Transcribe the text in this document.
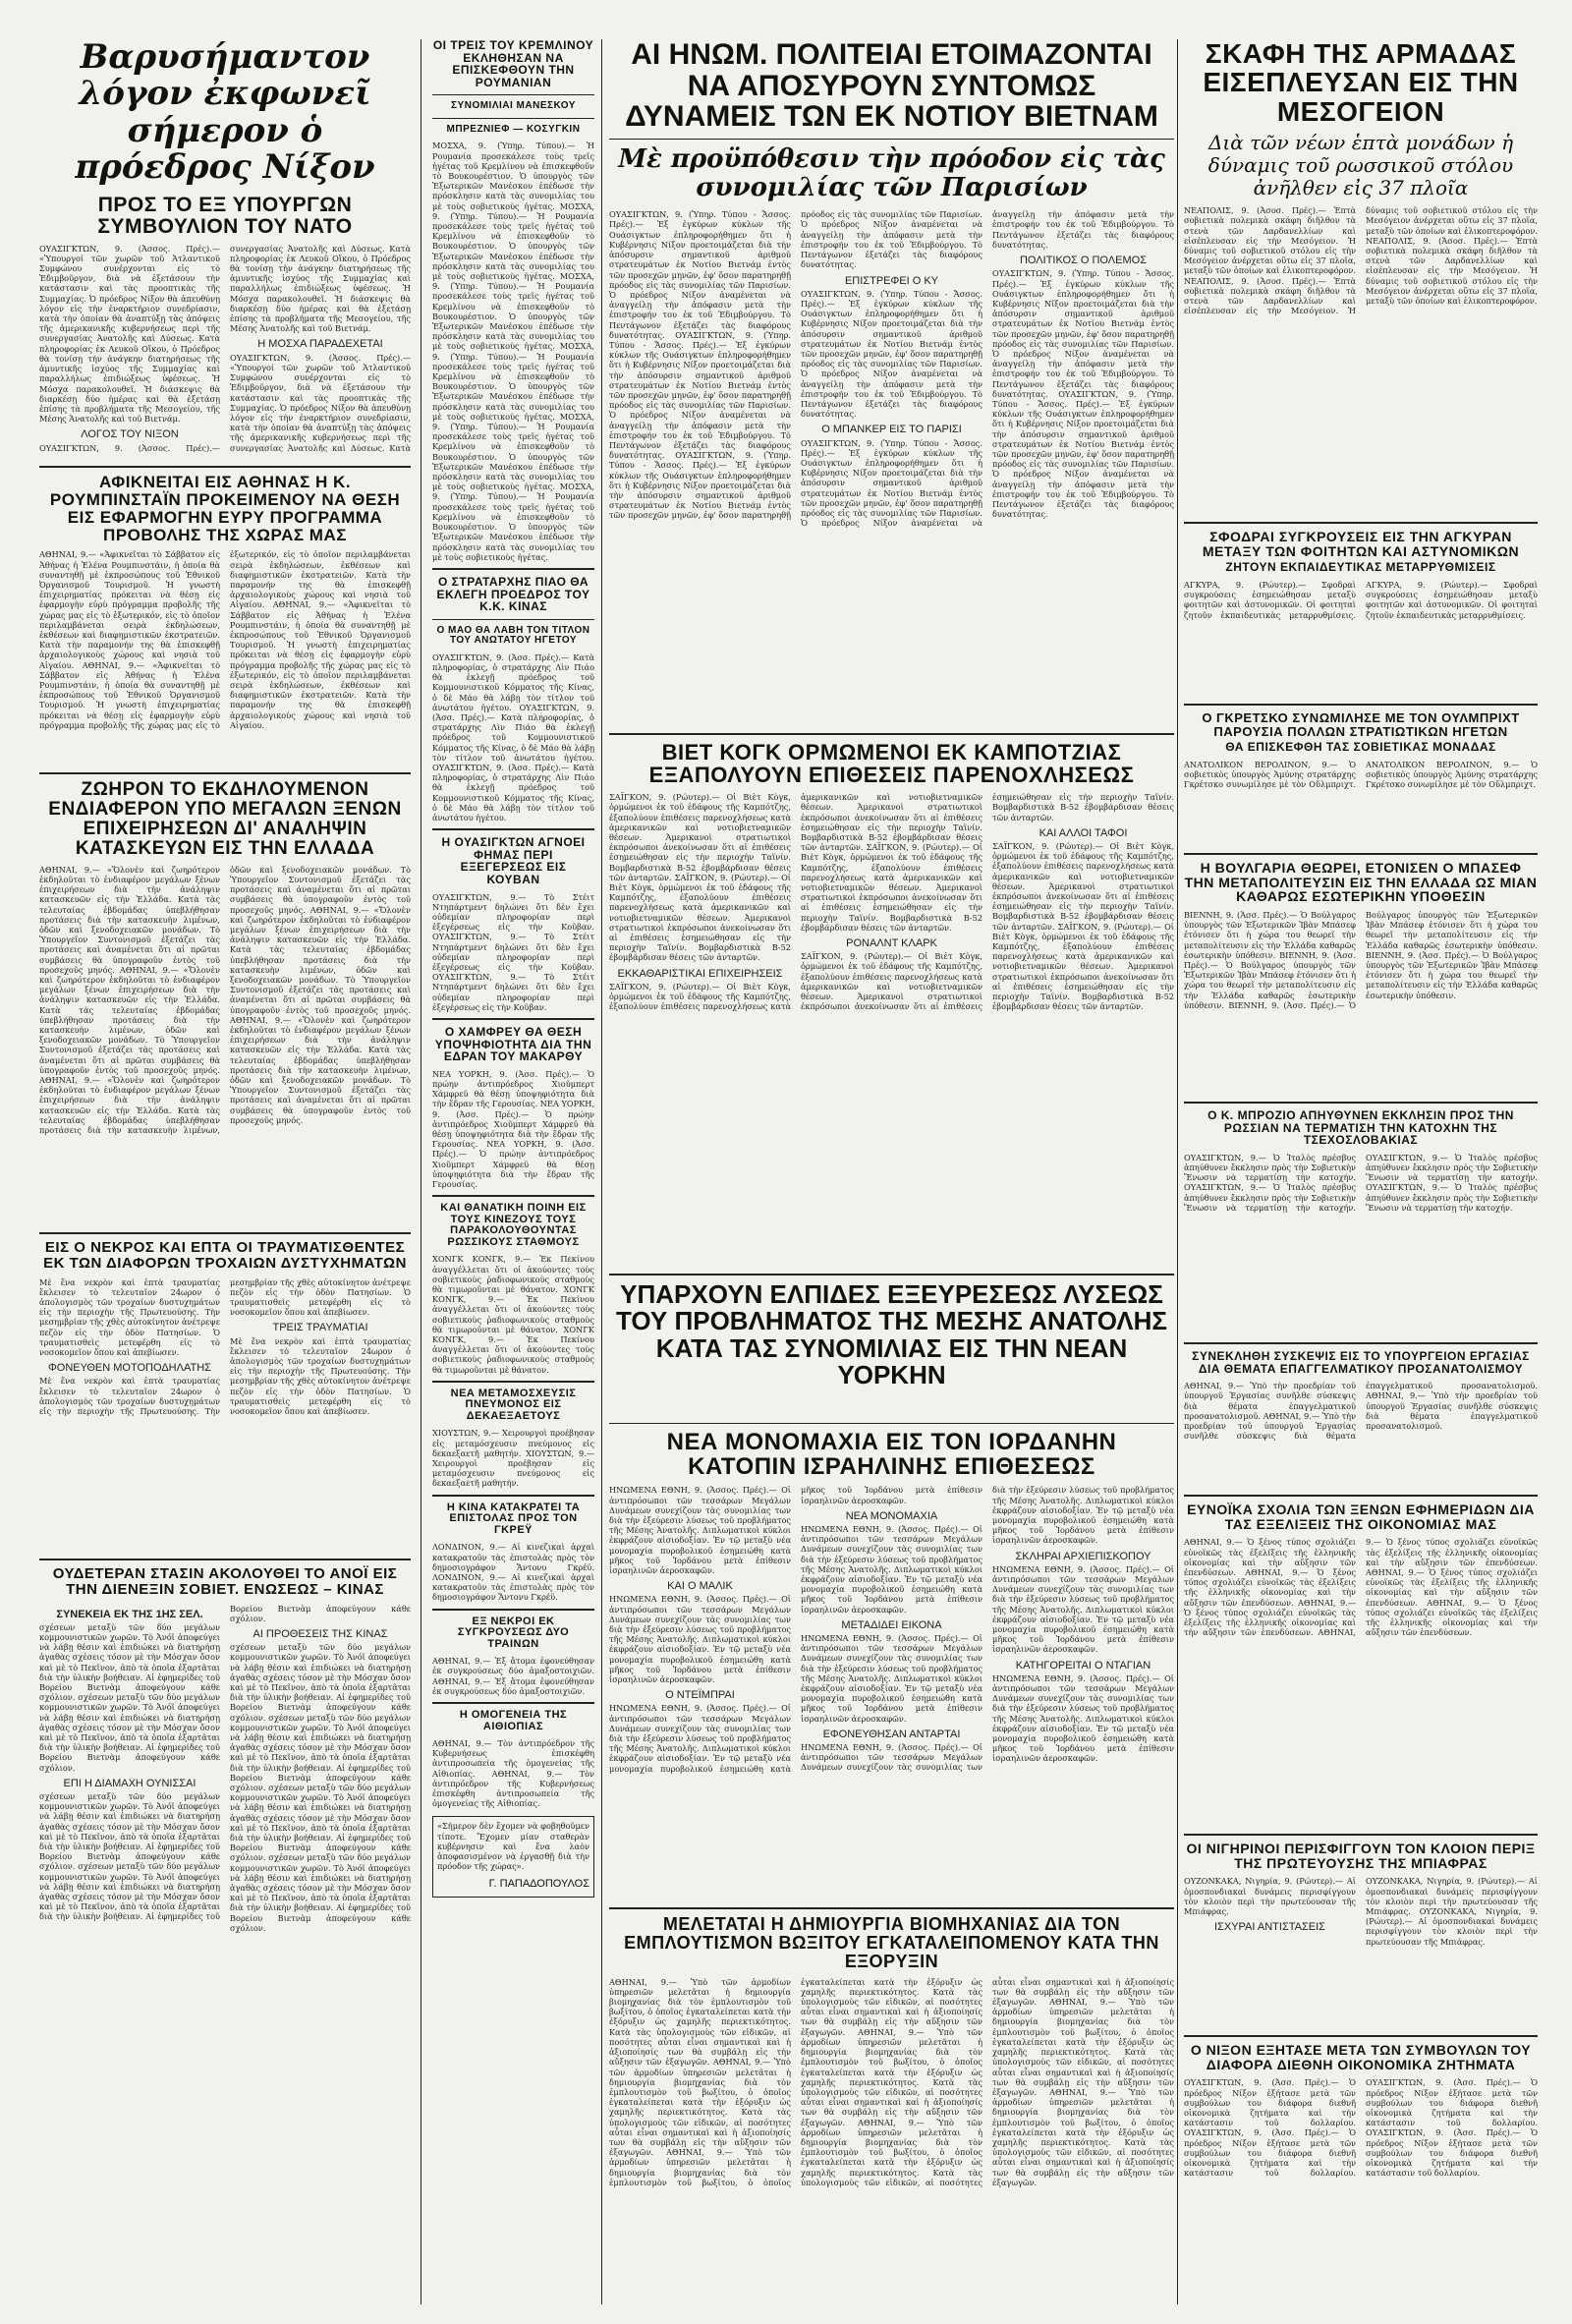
Βαρυσήμαντον λόγον ἐκφωνεῖ σήμερον ὁ πρόεδρος Νίξον
ΠΡΟΣ ΤΟ ΕΞ ΥΠΟΥΡΓΩΝ ΣΥΜΒΟΥΛΙΟΝ ΤΟΥ ΝΑΤΟ
ΟΥΑΣΙΓΚΤΩΝ, 9. (Ἀσσος. Πρές).— «Ὑπουργοί τῶν χωρῶν τοῦ Ἀτλαντικοῦ Συμφώνου συνέρχονται εἰς τὸ Ἐδιμβοῦργον, διὰ νὰ ἐξετάσουν τὴν κατάστασιν καὶ τὰς προοπτικὰς τῆς Συμμαχίας. Ὁ πρόεδρος Νίξον θὰ ἀπευθύνῃ λόγον εἰς τὴν ἐναρκτήριον συνεδρίασιν, κατὰ τὴν ὁποίαν θὰ ἀναπτύξῃ τὰς ἀπόψεις τῆς ἀμερικανικῆς κυβερνήσεως περὶ τῆς συνεργασίας Ἀνατολῆς καὶ Δύσεως. Κατὰ πληροφορίας ἐκ Λευκοῦ Οἴκου, ὁ Πρόεδρος θὰ τονίσῃ τὴν ἀνάγκην διατηρήσεως τῆς ἀμυντικῆς ἰσχύος τῆς Συμμαχίας καὶ παραλλήλως ἐπιδιώξεως ὑφέσεως. Ἡ Μόσχα παρακολουθεῖ. Ἡ διάσκεψις θὰ διαρκέσῃ δύο ἡμέρας καὶ θὰ ἐξετάσῃ ἐπίσης τὰ προβλήματα τῆς Μεσογείου, τῆς Μέσης Ἀνατολῆς καὶ τοῦ Βιετνάμ.
ΛΟΓΟΣ ΤΟΥ ΝΙΞΟΝ
ΟΥΑΣΙΓΚΤΩΝ, 9. (Ἀσσος. Πρές).— συνεργασίας Ἀνατολῆς καὶ Δύσεως. Κατὰ πληροφορίας ἐκ Λευκοῦ Οἴκου, ὁ Πρόεδρος θὰ τονίσῃ τὴν ἀνάγκην διατηρήσεως τῆς ἀμυντικῆς ἰσχύος τῆς Συμμαχίας καὶ παραλλήλως ἐπιδιώξεως ὑφέσεως. Ἡ Μόσχα παρακολουθεῖ. Ἡ διάσκεψις θὰ διαρκέσῃ δύο ἡμέρας καὶ θὰ ἐξετάσῃ ἐπίσης τὰ προβλήματα τῆς Μεσογείου, τῆς Μέσης Ἀνατολῆς καὶ τοῦ Βιετνάμ.
Η ΜΟΣΧΑ ΠΑΡΑΔΕΧΕΤΑΙ
ΟΥΑΣΙΓΚΤΩΝ, 9. (Ἀσσος. Πρές).— «Ὑπουργοί τῶν χωρῶν τοῦ Ἀτλαντικοῦ Συμφώνου συνέρχονται εἰς τὸ Ἐδιμβοῦργον, διὰ νὰ ἐξετάσουν τὴν κατάστασιν καὶ τὰς προοπτικὰς τῆς Συμμαχίας. Ὁ πρόεδρος Νίξον θὰ ἀπευθύνῃ λόγον εἰς τὴν ἐναρκτήριον συνεδρίασιν, κατὰ τὴν ὁποίαν θὰ ἀναπτύξῃ τὰς ἀπόψεις τῆς ἀμερικανικῆς κυβερνήσεως περὶ τῆς συνεργασίας Ἀνατολῆς καὶ Δύσεως. Κατὰ
ΑΦΙΚΝΕΙΤΑΙ ΕΙΣ ΑΘΗΝΑΣ Η Κ. ΡΟΥΜΠΙΝΣΤΑΪΝ ΠΡΟΚΕΙΜΕΝΟΥ ΝΑ ΘΕΣΗ ΕΙΣ ΕΦΑΡΜΟΓΗΝ ΕΥΡΥ ΠΡΟΓΡΑΜΜΑ ΠΡΟΒΟΛΗΣ ΤΗΣ ΧΩΡΑΣ ΜΑΣ
ΑΘΗΝΑΙ, 9.— «Ἀφικνεῖται τὸ Σάββατον εἰς Ἀθήνας ἡ Ἑλένα Ρουμπινστάιν, ἡ ὁποία θὰ συναντηθῇ μὲ ἐκπροσώπους τοῦ Ἐθνικοῦ Ὀργανισμοῦ Τουρισμοῦ. Ἡ γνωστὴ ἐπιχειρηματίας πρόκειται νὰ θέσῃ εἰς ἐφαρμογὴν εὐρὺ πρόγραμμα προβολῆς τῆς χώρας μας εἰς τὸ ἐξωτερικόν, εἰς τὸ ὁποῖον περιλαμβάνεται σειρὰ ἐκδηλώσεων, ἐκθέσεων καὶ διαφημιστικῶν ἐκστρατειῶν. Κατὰ τὴν παραμονήν της θὰ ἐπισκεφθῇ ἀρχαιολογικοὺς χώρους καὶ νησιὰ τοῦ Αἰγαίου. ΑΘΗΝΑΙ, 9.— «Ἀφικνεῖται τὸ Σάββατον εἰς Ἀθήνας ἡ Ἑλένα Ρουμπινστάιν, ἡ ὁποία θὰ συναντηθῇ μὲ ἐκπροσώπους τοῦ Ἐθνικοῦ Ὀργανισμοῦ Τουρισμοῦ. Ἡ γνωστὴ ἐπιχειρηματίας πρόκειται νὰ θέσῃ εἰς ἐφαρμογὴν εὐρὺ πρόγραμμα προβολῆς τῆς χώρας μας εἰς τὸ ἐξωτερικόν, εἰς τὸ ὁποῖον περιλαμβάνεται σειρὰ ἐκδηλώσεων, ἐκθέσεων καὶ διαφημιστικῶν ἐκστρατειῶν. Κατὰ τὴν παραμονήν της θὰ ἐπισκεφθῇ ἀρχαιολογικοὺς χώρους καὶ νησιὰ τοῦ Αἰγαίου. ΑΘΗΝΑΙ, 9.— «Ἀφικνεῖται τὸ Σάββατον εἰς Ἀθήνας ἡ Ἑλένα Ρουμπινστάιν, ἡ ὁποία θὰ συναντηθῇ μὲ ἐκπροσώπους τοῦ Ἐθνικοῦ Ὀργανισμοῦ Τουρισμοῦ. Ἡ γνωστὴ ἐπιχειρηματίας πρόκειται νὰ θέσῃ εἰς ἐφαρμογὴν εὐρὺ πρόγραμμα προβολῆς τῆς χώρας μας εἰς τὸ ἐξωτερικόν, εἰς τὸ ὁποῖον περιλαμβάνεται σειρὰ ἐκδηλώσεων, ἐκθέσεων καὶ διαφημιστικῶν ἐκστρατειῶν. Κατὰ τὴν παραμονήν της θὰ ἐπισκεφθῇ ἀρχαιολογικοὺς χώρους καὶ νησιὰ τοῦ Αἰγαίου.
ΖΩΗΡΟΝ ΤΟ ΕΚΔΗΛΟΥΜΕΝΟΝ ΕΝΔΙΑΦΕΡΟΝ ΥΠΟ ΜΕΓΑΛΩΝ ΞΕΝΩΝ ΕΠΙΧΕΙΡΗΣΕΩΝ ΔΙ' ΑΝΑΛΗΨΙΝ ΚΑΤΑΣΚΕΥΩΝ ΕΙΣ ΤΗΝ ΕΛΛΑΔΑ
ΑΘΗΝΑΙ, 9.— «Ὅλονὲν καὶ ζωηρότερον ἐκδηλοῦται τὸ ἐνδιαφέρον μεγάλων ξένων ἐπιχειρήσεων διὰ τὴν ἀνάληψιν κατασκευῶν εἰς τὴν Ἑλλάδα. Κατὰ τὰς τελευταίας ἑβδομάδας ὑπεβλήθησαν προτάσεις διὰ τὴν κατασκευὴν λιμένων, ὁδῶν καὶ ξενοδοχειακῶν μονάδων. Τὸ Ὑπουργεῖον Συντονισμοῦ ἐξετάζει τὰς προτάσεις καὶ ἀναμένεται ὅτι αἱ πρῶται συμβάσεις θὰ ὑπογραφοῦν ἐντὸς τοῦ προσεχοῦς μηνός. ΑΘΗΝΑΙ, 9.— «Ὅλονὲν καὶ ζωηρότερον ἐκδηλοῦται τὸ ἐνδιαφέρον μεγάλων ξένων ἐπιχειρήσεων διὰ τὴν ἀνάληψιν κατασκευῶν εἰς τὴν Ἑλλάδα. Κατὰ τὰς τελευταίας ἑβδομάδας ὑπεβλήθησαν προτάσεις διὰ τὴν κατασκευὴν λιμένων, ὁδῶν καὶ ξενοδοχειακῶν μονάδων. Τὸ Ὑπουργεῖον Συντονισμοῦ ἐξετάζει τὰς προτάσεις καὶ ἀναμένεται ὅτι αἱ πρῶται συμβάσεις θὰ ὑπογραφοῦν ἐντὸς τοῦ προσεχοῦς μηνός. ΑΘΗΝΑΙ, 9.— «Ὅλονὲν καὶ ζωηρότερον ἐκδηλοῦται τὸ ἐνδιαφέρον μεγάλων ξένων ἐπιχειρήσεων διὰ τὴν ἀνάληψιν κατασκευῶν εἰς τὴν Ἑλλάδα. Κατὰ τὰς τελευταίας ἑβδομάδας ὑπεβλήθησαν προτάσεις διὰ τὴν κατασκευὴν λιμένων, ὁδῶν καὶ ξενοδοχειακῶν μονάδων. Τὸ Ὑπουργεῖον Συντονισμοῦ ἐξετάζει τὰς προτάσεις καὶ ἀναμένεται ὅτι αἱ πρῶται συμβάσεις θὰ ὑπογραφοῦν ἐντὸς τοῦ προσεχοῦς μηνός. ΑΘΗΝΑΙ, 9.— «Ὅλονὲν καὶ ζωηρότερον ἐκδηλοῦται τὸ ἐνδιαφέρον μεγάλων ξένων ἐπιχειρήσεων διὰ τὴν ἀνάληψιν κατασκευῶν εἰς τὴν Ἑλλάδα. Κατὰ τὰς τελευταίας ἑβδομάδας ὑπεβλήθησαν προτάσεις διὰ τὴν κατασκευὴν λιμένων, ὁδῶν καὶ ξενοδοχειακῶν μονάδων. Τὸ Ὑπουργεῖον Συντονισμοῦ ἐξετάζει τὰς προτάσεις καὶ ἀναμένεται ὅτι αἱ πρῶται συμβάσεις θὰ ὑπογραφοῦν ἐντὸς τοῦ προσεχοῦς μηνός. ΑΘΗΝΑΙ, 9.— «Ὅλονὲν καὶ ζωηρότερον ἐκδηλοῦται τὸ ἐνδιαφέρον μεγάλων ξένων ἐπιχειρήσεων διὰ τὴν ἀνάληψιν κατασκευῶν εἰς τὴν Ἑλλάδα. Κατὰ τὰς τελευταίας ἑβδομάδας ὑπεβλήθησαν προτάσεις διὰ τὴν κατασκευὴν λιμένων, ὁδῶν καὶ ξενοδοχειακῶν μονάδων. Τὸ Ὑπουργεῖον Συντονισμοῦ ἐξετάζει τὰς προτάσεις καὶ ἀναμένεται ὅτι αἱ πρῶται συμβάσεις θὰ ὑπογραφοῦν ἐντὸς τοῦ προσεχοῦς μηνός.
ΕΙΣ Ο ΝΕΚΡΟΣ ΚΑΙ ΕΠΤΑ ΟΙ ΤΡΑΥΜΑΤΙΣΘΕΝΤΕΣ ΕΚ ΤΩΝ ΔΙΑΦΟΡΩΝ ΤΡΟΧΑΙΩΝ ΔΥΣΤΥΧΗΜΑΤΩΝ
Μὲ ἕνα νεκρὸν καὶ ἑπτὰ τραυματίας ἔκλεισεν τὸ τελευταῖον 24ωρον ὁ ἀπολογισμὸς τῶν τροχαίων δυστυχημάτων εἰς τὴν περιοχὴν τῆς Πρωτευούσης. Τὴν μεσημβρίαν τῆς χθὲς αὐτοκίνητον ἀνέτρεψε πεζὸν εἰς τὴν ὁδὸν Πατησίων. Ὁ τραυματισθεὶς μετεφέρθη εἰς τὸ νοσοκομεῖον ὅπου καὶ ἀπεβίωσεν.
ΦΟΝΕΥΘΕΝ ΜΟΤΟΠΟΔΗΛΑΤΗΣ
Μὲ ἕνα νεκρὸν καὶ ἑπτὰ τραυματίας ἔκλεισεν τὸ τελευταῖον 24ωρον ὁ ἀπολογισμὸς τῶν τροχαίων δυστυχημάτων εἰς τὴν περιοχὴν τῆς Πρωτευούσης. Τὴν μεσημβρίαν τῆς χθὲς αὐτοκίνητον ἀνέτρεψε πεζὸν εἰς τὴν ὁδὸν Πατησίων. Ὁ τραυματισθεὶς μετεφέρθη εἰς τὸ νοσοκομεῖον ὅπου καὶ ἀπεβίωσεν.
ΤΡΕΙΣ ΤΡΑΥΜΑΤΙΑΙ
Μὲ ἕνα νεκρὸν καὶ ἑπτὰ τραυματίας ἔκλεισεν τὸ τελευταῖον 24ωρον ὁ ἀπολογισμὸς τῶν τροχαίων δυστυχημάτων εἰς τὴν περιοχὴν τῆς Πρωτευούσης. Τὴν μεσημβρίαν τῆς χθὲς αὐτοκίνητον ἀνέτρεψε πεζὸν εἰς τὴν ὁδὸν Πατησίων. Ὁ τραυματισθεὶς μετεφέρθη εἰς τὸ νοσοκομεῖον ὅπου καὶ ἀπεβίωσεν.
ΟΥΔΕΤΕΡΑΝ ΣΤΑΣΙΝ ΑΚΟΛΟΥΘΕΙ ΤΟ ΑΝΟΪ ΕΙΣ ΤΗΝ ΔΙΕΝΕΞΙΝ ΣΟΒΙΕΤ. ΕΝΩΣΕΩΣ – ΚΙΝΑΣ
ΣΥΝΕΚΕΙΑ ΕΚ ΤΗΣ 1ΗΣ ΣΕΛ.
σχέσεων μεταξὺ τῶν δύο μεγάλων κομμουνιστικῶν χωρῶν. Τὸ Ἀνόϊ ἀποφεύγει νὰ λάβῃ θέσιν καὶ ἐπιδιώκει νὰ διατηρήσῃ ἀγαθὰς σχέσεις τόσον μὲ τὴν Μόσχαν ὅσον καὶ μὲ τὸ Πεκῖνον, ἀπὸ τὰ ὁποῖα ἐξαρτᾶται διὰ τὴν ὑλικὴν βοήθειαν. Αἱ ἐφημερίδες τοῦ Βορείου Βιετνὰμ ἀποφεύγουν κάθε σχόλιον. σχέσεων μεταξὺ τῶν δύο μεγάλων κομμουνιστικῶν χωρῶν. Τὸ Ἀνόϊ ἀποφεύγει νὰ λάβῃ θέσιν καὶ ἐπιδιώκει νὰ διατηρήσῃ ἀγαθὰς σχέσεις τόσον μὲ τὴν Μόσχαν ὅσον καὶ μὲ τὸ Πεκῖνον, ἀπὸ τὰ ὁποῖα ἐξαρτᾶται διὰ τὴν ὑλικὴν βοήθειαν. Αἱ ἐφημερίδες τοῦ Βορείου Βιετνὰμ ἀποφεύγουν κάθε σχόλιον.
ΕΠΙ Η ΔΙΑΜΑΧΗ ΟΥΝΙΣΣΑΙ
σχέσεων μεταξὺ τῶν δύο μεγάλων κομμουνιστικῶν χωρῶν. Τὸ Ἀνόϊ ἀποφεύγει νὰ λάβῃ θέσιν καὶ ἐπιδιώκει νὰ διατηρήσῃ ἀγαθὰς σχέσεις τόσον μὲ τὴν Μόσχαν ὅσον καὶ μὲ τὸ Πεκῖνον, ἀπὸ τὰ ὁποῖα ἐξαρτᾶται διὰ τὴν ὑλικὴν βοήθειαν. Αἱ ἐφημερίδες τοῦ Βορείου Βιετνὰμ ἀποφεύγουν κάθε σχόλιον. σχέσεων μεταξὺ τῶν δύο μεγάλων κομμουνιστικῶν χωρῶν. Τὸ Ἀνόϊ ἀποφεύγει νὰ λάβῃ θέσιν καὶ ἐπιδιώκει νὰ διατηρήσῃ ἀγαθὰς σχέσεις τόσον μὲ τὴν Μόσχαν ὅσον καὶ μὲ τὸ Πεκῖνον, ἀπὸ τὰ ὁποῖα ἐξαρτᾶται διὰ τὴν ὑλικὴν βοήθειαν. Αἱ ἐφημερίδες τοῦ Βορείου Βιετνὰμ ἀποφεύγουν κάθε σχόλιον.
ΑΙ ΠΡΟΘΕΣΕΙΣ ΤΗΣ ΚΙΝΑΣ
σχέσεων μεταξὺ τῶν δύο μεγάλων κομμουνιστικῶν χωρῶν. Τὸ Ἀνόϊ ἀποφεύγει νὰ λάβῃ θέσιν καὶ ἐπιδιώκει νὰ διατηρήσῃ ἀγαθὰς σχέσεις τόσον μὲ τὴν Μόσχαν ὅσον καὶ μὲ τὸ Πεκῖνον, ἀπὸ τὰ ὁποῖα ἐξαρτᾶται διὰ τὴν ὑλικὴν βοήθειαν. Αἱ ἐφημερίδες τοῦ Βορείου Βιετνὰμ ἀποφεύγουν κάθε σχόλιον. σχέσεων μεταξὺ τῶν δύο μεγάλων κομμουνιστικῶν χωρῶν. Τὸ Ἀνόϊ ἀποφεύγει νὰ λάβῃ θέσιν καὶ ἐπιδιώκει νὰ διατηρήσῃ ἀγαθὰς σχέσεις τόσον μὲ τὴν Μόσχαν ὅσον καὶ μὲ τὸ Πεκῖνον, ἀπὸ τὰ ὁποῖα ἐξαρτᾶται διὰ τὴν ὑλικὴν βοήθειαν. Αἱ ἐφημερίδες τοῦ Βορείου Βιετνὰμ ἀποφεύγουν κάθε σχόλιον. σχέσεων μεταξὺ τῶν δύο μεγάλων κομμουνιστικῶν χωρῶν. Τὸ Ἀνόϊ ἀποφεύγει νὰ λάβῃ θέσιν καὶ ἐπιδιώκει νὰ διατηρήσῃ ἀγαθὰς σχέσεις τόσον μὲ τὴν Μόσχαν ὅσον καὶ μὲ τὸ Πεκῖνον, ἀπὸ τὰ ὁποῖα ἐξαρτᾶται διὰ τὴν ὑλικὴν βοήθειαν. Αἱ ἐφημερίδες τοῦ Βορείου Βιετνὰμ ἀποφεύγουν κάθε σχόλιον. σχέσεων μεταξὺ τῶν δύο μεγάλων κομμουνιστικῶν χωρῶν. Τὸ Ἀνόϊ ἀποφεύγει νὰ λάβῃ θέσιν καὶ ἐπιδιώκει νὰ διατηρήσῃ ἀγαθὰς σχέσεις τόσον μὲ τὴν Μόσχαν ὅσον καὶ μὲ τὸ Πεκῖνον, ἀπὸ τὰ ὁποῖα ἐξαρτᾶται διὰ τὴν ὑλικὴν βοήθειαν. Αἱ ἐφημερίδες τοῦ Βορείου Βιετνὰμ ἀποφεύγουν κάθε σχόλιον.
ΟΙ ΤΡΕΙΣ ΤΟΥ ΚΡΕΜΛΙΝΟΥ ΕΚΛΗΘΗΣΑΝ ΝΑ ΕΠΙΣΚΕΦΘΟΥΝ ΤΗΝ ΡΟΥΜΑΝΙΑΝ
ΣΥΝΟΜΙΛΙΑΙ ΜΑΝΕΣΚΟΥ
ΜΠΡΕΖΝΙΕΦ — ΚΟΣΥΓΚΙΝ
ΜΟΣΧΑ, 9. (Ὑπηρ. Τύπου).— Ἡ Ρουμανία προσεκάλεσε τοὺς τρεῖς ἡγέτας τοῦ Κρεμλίνου νὰ ἐπισκεφθοῦν τὸ Βουκουρέστιον. Ὁ ὑπουργὸς τῶν Ἐξωτερικῶν Μανέσκου ἐπέδωσε τὴν πρόσκλησιν κατὰ τὰς συνομιλίας του μὲ τοὺς σοβιετικοὺς ἡγέτας. ΜΟΣΧΑ, 9. (Ὑπηρ. Τύπου).— Ἡ Ρουμανία προσεκάλεσε τοὺς τρεῖς ἡγέτας τοῦ Κρεμλίνου νὰ ἐπισκεφθοῦν τὸ Βουκουρέστιον. Ὁ ὑπουργὸς τῶν Ἐξωτερικῶν Μανέσκου ἐπέδωσε τὴν πρόσκλησιν κατὰ τὰς συνομιλίας του μὲ τοὺς σοβιετικοὺς ἡγέτας. ΜΟΣΧΑ, 9. (Ὑπηρ. Τύπου).— Ἡ Ρουμανία προσεκάλεσε τοὺς τρεῖς ἡγέτας τοῦ Κρεμλίνου νὰ ἐπισκεφθοῦν τὸ Βουκουρέστιον. Ὁ ὑπουργὸς τῶν Ἐξωτερικῶν Μανέσκου ἐπέδωσε τὴν πρόσκλησιν κατὰ τὰς συνομιλίας του μὲ τοὺς σοβιετικοὺς ἡγέτας. ΜΟΣΧΑ, 9. (Ὑπηρ. Τύπου).— Ἡ Ρουμανία προσεκάλεσε τοὺς τρεῖς ἡγέτας τοῦ Κρεμλίνου νὰ ἐπισκεφθοῦν τὸ Βουκουρέστιον. Ὁ ὑπουργὸς τῶν Ἐξωτερικῶν Μανέσκου ἐπέδωσε τὴν πρόσκλησιν κατὰ τὰς συνομιλίας του μὲ τοὺς σοβιετικοὺς ἡγέτας. ΜΟΣΧΑ, 9. (Ὑπηρ. Τύπου).— Ἡ Ρουμανία προσεκάλεσε τοὺς τρεῖς ἡγέτας τοῦ Κρεμλίνου νὰ ἐπισκεφθοῦν τὸ Βουκουρέστιον. Ὁ ὑπουργὸς τῶν Ἐξωτερικῶν Μανέσκου ἐπέδωσε τὴν πρόσκλησιν κατὰ τὰς συνομιλίας του μὲ τοὺς σοβιετικοὺς ἡγέτας. ΜΟΣΧΑ, 9. (Ὑπηρ. Τύπου).— Ἡ Ρουμανία προσεκάλεσε τοὺς τρεῖς ἡγέτας τοῦ Κρεμλίνου νὰ ἐπισκεφθοῦν τὸ Βουκουρέστιον. Ὁ ὑπουργὸς τῶν Ἐξωτερικῶν Μανέσκου ἐπέδωσε τὴν πρόσκλησιν κατὰ τὰς συνομιλίας του μὲ τοὺς σοβιετικοὺς ἡγέτας.
Ο ΣΤΡΑΤΑΡΧΗΣ ΠΙΑΟ ΘΑ ΕΚΛΕΓΗ ΠΡΟΕΔΡΟΣ ΤΟΥ Κ.Κ. ΚΙΝΑΣ
Ο ΜΑΟ ΘΑ ΛΑΒΗ ΤΟΝ ΤΙΤΛΟΝ ΤΟΥ ΑΝΩΤΑΤΟΥ ΗΓΕΤΟΥ
ΟΥΑΣΙΓΚΤΩΝ, 9. (Ἀσσ. Πρές).— Κατὰ πληροφορίας, ὁ στρατάρχης Λὶν Πιάο θὰ ἐκλεγῇ πρόεδρος τοῦ Κομμουνιστικοῦ Κόμματος τῆς Κίνας, ὁ δὲ Μάο θὰ λάβῃ τὸν τίτλον τοῦ ἀνωτάτου ἡγέτου. ΟΥΑΣΙΓΚΤΩΝ, 9. (Ἀσσ. Πρές).— Κατὰ πληροφορίας, ὁ στρατάρχης Λὶν Πιάο θὰ ἐκλεγῇ πρόεδρος τοῦ Κομμουνιστικοῦ Κόμματος τῆς Κίνας, ὁ δὲ Μάο θὰ λάβῃ τὸν τίτλον τοῦ ἀνωτάτου ἡγέτου. ΟΥΑΣΙΓΚΤΩΝ, 9. (Ἀσσ. Πρές).— Κατὰ πληροφορίας, ὁ στρατάρχης Λὶν Πιάο θὰ ἐκλεγῇ πρόεδρος τοῦ Κομμουνιστικοῦ Κόμματος τῆς Κίνας, ὁ δὲ Μάο θὰ λάβῃ τὸν τίτλον τοῦ ἀνωτάτου ἡγέτου.
Η ΟΥΑΣΙΓΚΤΩΝ ΑΓΝΟΕΙ ΦΗΜΑΣ ΠΕΡΙ ΕΞΕΓΕΡΣΕΩΣ ΕΙΣ ΚΟΥΒΑΝ
ΟΥΑΣΙΓΚΤΩΝ, 9.— Τὸ Στέιτ Ντηπάρτμεντ δηλώνει ὅτι δὲν ἔχει οὐδεμίαν πληροφορίαν περὶ ἐξεγέρσεως εἰς τὴν Κοῦβαν. ΟΥΑΣΙΓΚΤΩΝ, 9.— Τὸ Στέιτ Ντηπάρτμεντ δηλώνει ὅτι δὲν ἔχει οὐδεμίαν πληροφορίαν περὶ ἐξεγέρσεως εἰς τὴν Κοῦβαν. ΟΥΑΣΙΓΚΤΩΝ, 9.— Τὸ Στέιτ Ντηπάρτμεντ δηλώνει ὅτι δὲν ἔχει οὐδεμίαν πληροφορίαν περὶ ἐξεγέρσεως εἰς τὴν Κοῦβαν.
Ο ΧΑΜΦΡΕΥ ΘΑ ΘΕΣΗ ΥΠΟΨΗΦΙΟΤΗΤΑ ΔΙΑ ΤΗΝ ΕΔΡΑΝ ΤΟΥ ΜΑΚΑΡΘΥ
ΝΕΑ ΥΟΡΚΗ, 9. (Ἀσσ. Πρές).— Ὁ πρώην ἀντιπρόεδρος Χιοῦμπερτ Χάμφρεϋ θὰ θέσῃ ὑποψηφιότητα διὰ τὴν ἕδραν τῆς Γερουσίας. ΝΕΑ ΥΟΡΚΗ, 9. (Ἀσσ. Πρές).— Ὁ πρώην ἀντιπρόεδρος Χιοῦμπερτ Χάμφρεϋ θὰ θέσῃ ὑποψηφιότητα διὰ τὴν ἕδραν τῆς Γερουσίας. ΝΕΑ ΥΟΡΚΗ, 9. (Ἀσσ. Πρές).— Ὁ πρώην ἀντιπρόεδρος Χιοῦμπερτ Χάμφρεϋ θὰ θέσῃ ὑποψηφιότητα διὰ τὴν ἕδραν τῆς Γερουσίας.
ΚΑΙ ΘΑΝΑΤΙΚΗ ΠΟΙΝΗ ΕΙΣ ΤΟΥΣ ΚΙΝΕΖΟΥΣ ΤΟΥΣ ΠΑΡΑΚΟΛΟΥΘΟΥΝΤΑΣ ΡΩΣΣΙΚΟΥΣ ΣΤΑΘΜΟΥΣ
ΧΟΝΓΚ ΚΟΝΓΚ, 9.— Ἐκ Πεκίνου ἀναγγέλλεται ὅτι οἱ ἀκούοντες τοὺς σοβιετικοὺς ῥαδιοφωνικοὺς σταθμοὺς θὰ τιμωροῦνται μὲ θάνατον. ΧΟΝΓΚ ΚΟΝΓΚ, 9.— Ἐκ Πεκίνου ἀναγγέλλεται ὅτι οἱ ἀκούοντες τοὺς σοβιετικοὺς ῥαδιοφωνικοὺς σταθμοὺς θὰ τιμωροῦνται μὲ θάνατον. ΧΟΝΓΚ ΚΟΝΓΚ, 9.— Ἐκ Πεκίνου ἀναγγέλλεται ὅτι οἱ ἀκούοντες τοὺς σοβιετικοὺς ῥαδιοφωνικοὺς σταθμοὺς θὰ τιμωροῦνται μὲ θάνατον.
ΝΕΑ ΜΕΤΑΜΟΣΧΕΥΣΙΣ ΠΝΕΥΜΟΝΟΣ ΕΙΣ ΔΕΚΑΕΞΑΕΤΟΥΣ
ΧΙΟΥΣΤΩΝ, 9.— Χειρουργοὶ προέβησαν εἰς μεταμόσχευσιν πνεύμονος εἰς δεκαεξαετῆ μαθητήν. ΧΙΟΥΣΤΩΝ, 9.— Χειρουργοὶ προέβησαν εἰς μεταμόσχευσιν πνεύμονος εἰς δεκαεξαετῆ μαθητήν.
Η ΚΙΝΑ ΚΑΤΑΚΡΑΤΕΙ ΤΑ ΕΠΙΣΤΟΛΑΣ ΠΡΟΣ ΤΟΝ ΓΚΡΕΫ
ΛΟΝΔΙΝΟΝ, 9.— Αἱ κινεζικαὶ ἀρχαὶ κατακρατοῦν τὰς ἐπιστολὰς πρὸς τὸν δημοσιογράφον Ἄντονυ Γκρέϋ. ΛΟΝΔΙΝΟΝ, 9.— Αἱ κινεζικαὶ ἀρχαὶ κατακρατοῦν τὰς ἐπιστολὰς πρὸς τὸν δημοσιογράφον Ἄντονυ Γκρέϋ.
ΕΞ ΝΕΚΡΟΙ ΕΚ ΣΥΓΚΡΟΥΣΕΩΣ ΔΥΟ ΤΡΑΙΝΩΝ
ΑΘΗΝΑΙ, 9.— Ἐξ ἄτομα ἐφονεύθησαν ἐκ συγκρούσεως δύο ἀμαξοστοιχιῶν. ΑΘΗΝΑΙ, 9.— Ἐξ ἄτομα ἐφονεύθησαν ἐκ συγκρούσεως δύο ἀμαξοστοιχιῶν.
Η ΟΜΟΓΕΝΕΙΑ ΤΗΣ ΑΙΘΙΟΠΙΑΣ
ΑΘΗΝΑΙ, 9.— Τὸν ἀντιπρόεδρον τῆς Κυβερνήσεως ἐπισκέφθη ἀντιπροσωπεία τῆς ὁμογενείας τῆς Αἰθιοπίας. ΑΘΗΝΑΙ, 9.— Τὸν ἀντιπρόεδρον τῆς Κυβερνήσεως ἐπισκέφθη ἀντιπροσωπεία τῆς ὁμογενείας τῆς Αἰθιοπίας.
«Σήμερον δὲν ἔχομεν νὰ φοβηθοῦμεν τίποτε. Ἔχομεν μίαν σταθερὰν κυβέρνησιν καὶ ἕνα λαὸν ἀποφασισμένον νὰ ἐργασθῇ διὰ τὴν πρόοδον τῆς χώρας».
Γ. ΠΑΠΑΔΟΠΟΥΛΟΣ
ΑΙ ΗΝΩΜ. ΠΟΛΙΤΕΙΑΙ ΕΤΟΙΜΑΖΟΝΤΑΙ ΝΑ ΑΠΟΣΥΡΟΥΝ ΣΥΝΤΟΜΩΣ ΔΥΝΑΜΕΙΣ ΤΩΝ ΕΚ ΝΟΤΙΟΥ ΒΙΕΤΝΑΜ
Μὲ προϋπόθεσιν τὴν πρόοδον εἰς τὰς συνομιλίας τῶν Παρισίων
ΟΥΑΣΙΓΚΤΩΝ, 9. (Ὑπηρ. Τύπου - Ἄσσος. Πρές).— Ἐξ ἐγκύρων κύκλων τῆς Ουάσιγκτων ἐπληροφορήθημεν ὅτι ἡ Κυβέρνησις Νίξον προετοιμάζεται διὰ τὴν ἀπόσυρσιν σημαντικοῦ ἀριθμοῦ στρατευμάτων ἐκ Νοτίου Βιετνάμ ἐντὸς τῶν προσεχῶν μηνῶν, ἐφ' ὅσον παρατηρηθῇ πρόοδος εἰς τὰς συνομιλίας τῶν Παρισίων. Ὁ πρόεδρος Νίξον ἀναμένεται νὰ ἀναγγείλῃ τὴν ἀπόφασιν μετὰ τὴν ἐπιστροφήν του ἐκ τοῦ Ἐδιμβούργου. Τὸ Πεντάγωνον ἐξετάζει τὰς διαφόρους δυνατότητας. ΟΥΑΣΙΓΚΤΩΝ, 9. (Ὑπηρ. Τύπου - Ἄσσος. Πρές).— Ἐξ ἐγκύρων κύκλων τῆς Ουάσιγκτων ἐπληροφορήθημεν ὅτι ἡ Κυβέρνησις Νίξον προετοιμάζεται διὰ τὴν ἀπόσυρσιν σημαντικοῦ ἀριθμοῦ στρατευμάτων ἐκ Νοτίου Βιετνάμ ἐντὸς τῶν προσεχῶν μηνῶν, ἐφ' ὅσον παρατηρηθῇ πρόοδος εἰς τὰς συνομιλίας τῶν Παρισίων. Ὁ πρόεδρος Νίξον ἀναμένεται νὰ ἀναγγείλῃ τὴν ἀπόφασιν μετὰ τὴν ἐπιστροφήν του ἐκ τοῦ Ἐδιμβούργου. Τὸ Πεντάγωνον ἐξετάζει τὰς διαφόρους δυνατότητας. ΟΥΑΣΙΓΚΤΩΝ, 9. (Ὑπηρ. Τύπου - Ἄσσος. Πρές).— Ἐξ ἐγκύρων κύκλων τῆς Ουάσιγκτων ἐπληροφορήθημεν ὅτι ἡ Κυβέρνησις Νίξον προετοιμάζεται διὰ τὴν ἀπόσυρσιν σημαντικοῦ ἀριθμοῦ στρατευμάτων ἐκ Νοτίου Βιετνάμ ἐντὸς τῶν προσεχῶν μηνῶν, ἐφ' ὅσον παρατηρηθῇ πρόοδος εἰς τὰς συνομιλίας τῶν Παρισίων. Ὁ πρόεδρος Νίξον ἀναμένεται νὰ ἀναγγείλῃ τὴν ἀπόφασιν μετὰ τὴν ἐπιστροφήν του ἐκ τοῦ Ἐδιμβούργου. Τὸ Πεντάγωνον ἐξετάζει τὰς διαφόρους δυνατότητας.
ΕΠΙΣΤΡΕΦΕΙ Ο ΚΥ
ΟΥΑΣΙΓΚΤΩΝ, 9. (Ὑπηρ. Τύπου - Ἄσσος. Πρές).— Ἐξ ἐγκύρων κύκλων τῆς Ουάσιγκτων ἐπληροφορήθημεν ὅτι ἡ Κυβέρνησις Νίξον προετοιμάζεται διὰ τὴν ἀπόσυρσιν σημαντικοῦ ἀριθμοῦ στρατευμάτων ἐκ Νοτίου Βιετνάμ ἐντὸς τῶν προσεχῶν μηνῶν, ἐφ' ὅσον παρατηρηθῇ πρόοδος εἰς τὰς συνομιλίας τῶν Παρισίων. Ὁ πρόεδρος Νίξον ἀναμένεται νὰ ἀναγγείλῃ τὴν ἀπόφασιν μετὰ τὴν ἐπιστροφήν του ἐκ τοῦ Ἐδιμβούργου. Τὸ Πεντάγωνον ἐξετάζει τὰς διαφόρους δυνατότητας.
Ο ΜΠΑΝΚΕΡ ΕΙΣ ΤΟ ΠΑΡΙΣΙ
ΟΥΑΣΙΓΚΤΩΝ, 9. (Ὑπηρ. Τύπου - Ἄσσος. Πρές).— Ἐξ ἐγκύρων κύκλων τῆς Ουάσιγκτων ἐπληροφορήθημεν ὅτι ἡ Κυβέρνησις Νίξον προετοιμάζεται διὰ τὴν ἀπόσυρσιν σημαντικοῦ ἀριθμοῦ στρατευμάτων ἐκ Νοτίου Βιετνάμ ἐντὸς τῶν προσεχῶν μηνῶν, ἐφ' ὅσον παρατηρηθῇ πρόοδος εἰς τὰς συνομιλίας τῶν Παρισίων. Ὁ πρόεδρος Νίξον ἀναμένεται νὰ ἀναγγείλῃ τὴν ἀπόφασιν μετὰ τὴν ἐπιστροφήν του ἐκ τοῦ Ἐδιμβούργου. Τὸ Πεντάγωνον ἐξετάζει τὰς διαφόρους δυνατότητας.
ΠΟΛΙΤΙΚΟΣ Ο ΠΟΛΕΜΟΣ
ΟΥΑΣΙΓΚΤΩΝ, 9. (Ὑπηρ. Τύπου - Ἄσσος. Πρές).— Ἐξ ἐγκύρων κύκλων τῆς Ουάσιγκτων ἐπληροφορήθημεν ὅτι ἡ Κυβέρνησις Νίξον προετοιμάζεται διὰ τὴν ἀπόσυρσιν σημαντικοῦ ἀριθμοῦ στρατευμάτων ἐκ Νοτίου Βιετνάμ ἐντὸς τῶν προσεχῶν μηνῶν, ἐφ' ὅσον παρατηρηθῇ πρόοδος εἰς τὰς συνομιλίας τῶν Παρισίων. Ὁ πρόεδρος Νίξον ἀναμένεται νὰ ἀναγγείλῃ τὴν ἀπόφασιν μετὰ τὴν ἐπιστροφήν του ἐκ τοῦ Ἐδιμβούργου. Τὸ Πεντάγωνον ἐξετάζει τὰς διαφόρους δυνατότητας. ΟΥΑΣΙΓΚΤΩΝ, 9. (Ὑπηρ. Τύπου - Ἄσσος. Πρές).— Ἐξ ἐγκύρων κύκλων τῆς Ουάσιγκτων ἐπληροφορήθημεν ὅτι ἡ Κυβέρνησις Νίξον προετοιμάζεται διὰ τὴν ἀπόσυρσιν σημαντικοῦ ἀριθμοῦ στρατευμάτων ἐκ Νοτίου Βιετνάμ ἐντὸς τῶν προσεχῶν μηνῶν, ἐφ' ὅσον παρατηρηθῇ πρόοδος εἰς τὰς συνομιλίας τῶν Παρισίων. Ὁ πρόεδρος Νίξον ἀναμένεται νὰ ἀναγγείλῃ τὴν ἀπόφασιν μετὰ τὴν ἐπιστροφήν του ἐκ τοῦ Ἐδιμβούργου. Τὸ Πεντάγωνον ἐξετάζει τὰς διαφόρους δυνατότητας.
ΒΙΕΤ ΚΟΓΚ ΟΡΜΩΜΕΝΟΙ ΕΚ ΚΑΜΠΟΤΖΙΑΣ ΕΞΑΠΟΛΥΟΥΝ ΕΠΙΘΕΣΕΙΣ ΠΑΡΕΝΟΧΛΗΣΕΩΣ
ΣΑΪΓΚΟΝ, 9. (Ρώυτερ).— Οἱ Βιὲτ Κὸγκ, ὁρμώμενοι ἐκ τοῦ ἐδάφους τῆς Καμπότζης, ἐξαπολύουν ἐπιθέσεις παρενοχλήσεως κατὰ ἀμερικανικῶν καὶ νοτιοβιετναμικῶν θέσεων. Ἀμερικανοὶ στρατιωτικοὶ ἐκπρόσωποι ἀνεκοίνωσαν ὅτι αἱ ἐπιθέσεις ἐσημειώθησαν εἰς τὴν περιοχὴν Ταϊνίν. Βομβαρδιστικὰ Β-52 ἐβομβάρδισαν θέσεις τῶν ἀνταρτῶν. ΣΑΪΓΚΟΝ, 9. (Ρώυτερ).— Οἱ Βιὲτ Κὸγκ, ὁρμώμενοι ἐκ τοῦ ἐδάφους τῆς Καμπότζης, ἐξαπολύουν ἐπιθέσεις παρενοχλήσεως κατὰ ἀμερικανικῶν καὶ νοτιοβιετναμικῶν θέσεων. Ἀμερικανοὶ στρατιωτικοὶ ἐκπρόσωποι ἀνεκοίνωσαν ὅτι αἱ ἐπιθέσεις ἐσημειώθησαν εἰς τὴν περιοχὴν Ταϊνίν. Βομβαρδιστικὰ Β-52 ἐβομβάρδισαν θέσεις τῶν ἀνταρτῶν.
ΕΚΚΑΘΑΡΙΣΤΙΚΑΙ ΕΠΙΧΕΙΡΗΣΕΙΣ
ΣΑΪΓΚΟΝ, 9. (Ρώυτερ).— Οἱ Βιὲτ Κὸγκ, ὁρμώμενοι ἐκ τοῦ ἐδάφους τῆς Καμπότζης, ἐξαπολύουν ἐπιθέσεις παρενοχλήσεως κατὰ ἀμερικανικῶν καὶ νοτιοβιετναμικῶν θέσεων. Ἀμερικανοὶ στρατιωτικοὶ ἐκπρόσωποι ἀνεκοίνωσαν ὅτι αἱ ἐπιθέσεις ἐσημειώθησαν εἰς τὴν περιοχὴν Ταϊνίν. Βομβαρδιστικὰ Β-52 ἐβομβάρδισαν θέσεις τῶν ἀνταρτῶν. ΣΑΪΓΚΟΝ, 9. (Ρώυτερ).— Οἱ Βιὲτ Κὸγκ, ὁρμώμενοι ἐκ τοῦ ἐδάφους τῆς Καμπότζης, ἐξαπολύουν ἐπιθέσεις παρενοχλήσεως κατὰ ἀμερικανικῶν καὶ νοτιοβιετναμικῶν θέσεων. Ἀμερικανοὶ στρατιωτικοὶ ἐκπρόσωποι ἀνεκοίνωσαν ὅτι αἱ ἐπιθέσεις ἐσημειώθησαν εἰς τὴν περιοχὴν Ταϊνίν. Βομβαρδιστικὰ Β-52 ἐβομβάρδισαν θέσεις τῶν ἀνταρτῶν.
ΡΟΝΑΛΝΤ ΚΛΑΡΚ
ΣΑΪΓΚΟΝ, 9. (Ρώυτερ).— Οἱ Βιὲτ Κὸγκ, ὁρμώμενοι ἐκ τοῦ ἐδάφους τῆς Καμπότζης, ἐξαπολύουν ἐπιθέσεις παρενοχλήσεως κατὰ ἀμερικανικῶν καὶ νοτιοβιετναμικῶν θέσεων. Ἀμερικανοὶ στρατιωτικοὶ ἐκπρόσωποι ἀνεκοίνωσαν ὅτι αἱ ἐπιθέσεις ἐσημειώθησαν εἰς τὴν περιοχὴν Ταϊνίν. Βομβαρδιστικὰ Β-52 ἐβομβάρδισαν θέσεις τῶν ἀνταρτῶν.
ΚΑΙ ΑΛΛΟΙ ΤΑΦΟΙ
ΣΑΪΓΚΟΝ, 9. (Ρώυτερ).— Οἱ Βιὲτ Κὸγκ, ὁρμώμενοι ἐκ τοῦ ἐδάφους τῆς Καμπότζης, ἐξαπολύουν ἐπιθέσεις παρενοχλήσεως κατὰ ἀμερικανικῶν καὶ νοτιοβιετναμικῶν θέσεων. Ἀμερικανοὶ στρατιωτικοὶ ἐκπρόσωποι ἀνεκοίνωσαν ὅτι αἱ ἐπιθέσεις ἐσημειώθησαν εἰς τὴν περιοχὴν Ταϊνίν. Βομβαρδιστικὰ Β-52 ἐβομβάρδισαν θέσεις τῶν ἀνταρτῶν. ΣΑΪΓΚΟΝ, 9. (Ρώυτερ).— Οἱ Βιὲτ Κὸγκ, ὁρμώμενοι ἐκ τοῦ ἐδάφους τῆς Καμπότζης, ἐξαπολύουν ἐπιθέσεις παρενοχλήσεως κατὰ ἀμερικανικῶν καὶ νοτιοβιετναμικῶν θέσεων. Ἀμερικανοὶ στρατιωτικοὶ ἐκπρόσωποι ἀνεκοίνωσαν ὅτι αἱ ἐπιθέσεις ἐσημειώθησαν εἰς τὴν περιοχὴν Ταϊνίν. Βομβαρδιστικὰ Β-52 ἐβομβάρδισαν θέσεις τῶν ἀνταρτῶν.
ΥΠΑΡΧΟΥΝ ΕΛΠΙΔΕΣ ΕΞΕΥΡΕΣΕΩΣ ΛΥΣΕΩΣ ΤΟΥ ΠΡΟΒΛΗΜΑΤΟΣ ΤΗΣ ΜΕΣΗΣ ΑΝΑΤΟΛΗΣ ΚΑΤΑ ΤΑΣ ΣΥΝΟΜΙΛΙΑΣ ΕΙΣ ΤΗΝ ΝΕΑΝ ΥΟΡΚΗΝ
ΝΕΑ ΜΟΝΟΜΑΧΙΑ ΕΙΣ ΤΟΝ ΙΟΡΔΑΝΗΝ ΚΑΤΟΠΙΝ ΙΣΡΑΗΛΙΝΗΣ ΕΠΙΘΕΣΕΩΣ
ΗΝΩΜΕΝΑ ΕΘΝΗ, 9. (Ἀσσος. Πρές).— Οἱ ἀντιπρόσωποι τῶν τεσσάρων Μεγάλων Δυνάμεων συνεχίζουν τὰς συνομιλίας των διὰ τὴν ἐξεύρεσιν λύσεως τοῦ προβλήματος τῆς Μέσης Ἀνατολῆς. Διπλωματικοὶ κύκλοι ἐκφράζουν αἰσιοδοξίαν. Ἐν τῷ μεταξὺ νέα μονομαχία πυροβολικοῦ ἐσημειώθη κατὰ μῆκος τοῦ Ἰορδάνου μετὰ ἐπίθεσιν ἰσραηλινῶν ἀεροσκαφῶν.
ΚΑΙ Ο ΜΑΛΙΚ
ΗΝΩΜΕΝΑ ΕΘΝΗ, 9. (Ἀσσος. Πρές).— Οἱ ἀντιπρόσωποι τῶν τεσσάρων Μεγάλων Δυνάμεων συνεχίζουν τὰς συνομιλίας των διὰ τὴν ἐξεύρεσιν λύσεως τοῦ προβλήματος τῆς Μέσης Ἀνατολῆς. Διπλωματικοὶ κύκλοι ἐκφράζουν αἰσιοδοξίαν. Ἐν τῷ μεταξὺ νέα μονομαχία πυροβολικοῦ ἐσημειώθη κατὰ μῆκος τοῦ Ἰορδάνου μετὰ ἐπίθεσιν ἰσραηλινῶν ἀεροσκαφῶν.
Ο ΝΤΕΪΜΠΡΑΙ
ΗΝΩΜΕΝΑ ΕΘΝΗ, 9. (Ἀσσος. Πρές).— Οἱ ἀντιπρόσωποι τῶν τεσσάρων Μεγάλων Δυνάμεων συνεχίζουν τὰς συνομιλίας των διὰ τὴν ἐξεύρεσιν λύσεως τοῦ προβλήματος τῆς Μέσης Ἀνατολῆς. Διπλωματικοὶ κύκλοι ἐκφράζουν αἰσιοδοξίαν. Ἐν τῷ μεταξὺ νέα μονομαχία πυροβολικοῦ ἐσημειώθη κατὰ μῆκος τοῦ Ἰορδάνου μετὰ ἐπίθεσιν ἰσραηλινῶν ἀεροσκαφῶν.
ΝΕΑ ΜΟΝΟΜΑΧΙΑ
ΗΝΩΜΕΝΑ ΕΘΝΗ, 9. (Ἀσσος. Πρές).— Οἱ ἀντιπρόσωποι τῶν τεσσάρων Μεγάλων Δυνάμεων συνεχίζουν τὰς συνομιλίας των διὰ τὴν ἐξεύρεσιν λύσεως τοῦ προβλήματος τῆς Μέσης Ἀνατολῆς. Διπλωματικοὶ κύκλοι ἐκφράζουν αἰσιοδοξίαν. Ἐν τῷ μεταξὺ νέα μονομαχία πυροβολικοῦ ἐσημειώθη κατὰ μῆκος τοῦ Ἰορδάνου μετὰ ἐπίθεσιν ἰσραηλινῶν ἀεροσκαφῶν.
ΜΕΤΑΔΙΔΕΙ ΕΙΚΟΝΑ
ΗΝΩΜΕΝΑ ΕΘΝΗ, 9. (Ἀσσος. Πρές).— Οἱ ἀντιπρόσωποι τῶν τεσσάρων Μεγάλων Δυνάμεων συνεχίζουν τὰς συνομιλίας των διὰ τὴν ἐξεύρεσιν λύσεως τοῦ προβλήματος τῆς Μέσης Ἀνατολῆς. Διπλωματικοὶ κύκλοι ἐκφράζουν αἰσιοδοξίαν. Ἐν τῷ μεταξὺ νέα μονομαχία πυροβολικοῦ ἐσημειώθη κατὰ μῆκος τοῦ Ἰορδάνου μετὰ ἐπίθεσιν ἰσραηλινῶν ἀεροσκαφῶν.
ΕΦΟΝΕΥΘΗΣΑΝ ΑΝΤΑΡΤΑΙ
ΗΝΩΜΕΝΑ ΕΘΝΗ, 9. (Ἀσσος. Πρές).— Οἱ ἀντιπρόσωποι τῶν τεσσάρων Μεγάλων Δυνάμεων συνεχίζουν τὰς συνομιλίας των διὰ τὴν ἐξεύρεσιν λύσεως τοῦ προβλήματος τῆς Μέσης Ἀνατολῆς. Διπλωματικοὶ κύκλοι ἐκφράζουν αἰσιοδοξίαν. Ἐν τῷ μεταξὺ νέα μονομαχία πυροβολικοῦ ἐσημειώθη κατὰ μῆκος τοῦ Ἰορδάνου μετὰ ἐπίθεσιν ἰσραηλινῶν ἀεροσκαφῶν.
ΣΚΛΗΡΑΙ ΑΡΧΙΕΠΙΣΚΟΠΟΥ
ΗΝΩΜΕΝΑ ΕΘΝΗ, 9. (Ἀσσος. Πρές).— Οἱ ἀντιπρόσωποι τῶν τεσσάρων Μεγάλων Δυνάμεων συνεχίζουν τὰς συνομιλίας των διὰ τὴν ἐξεύρεσιν λύσεως τοῦ προβλήματος τῆς Μέσης Ἀνατολῆς. Διπλωματικοὶ κύκλοι ἐκφράζουν αἰσιοδοξίαν. Ἐν τῷ μεταξὺ νέα μονομαχία πυροβολικοῦ ἐσημειώθη κατὰ μῆκος τοῦ Ἰορδάνου μετὰ ἐπίθεσιν ἰσραηλινῶν ἀεροσκαφῶν.
ΚΑΤΗΓΟΡΕΙΤΑΙ Ο ΝΤΑΓΙΑΝ
ΗΝΩΜΕΝΑ ΕΘΝΗ, 9. (Ἀσσος. Πρές).— Οἱ ἀντιπρόσωποι τῶν τεσσάρων Μεγάλων Δυνάμεων συνεχίζουν τὰς συνομιλίας των διὰ τὴν ἐξεύρεσιν λύσεως τοῦ προβλήματος τῆς Μέσης Ἀνατολῆς. Διπλωματικοὶ κύκλοι ἐκφράζουν αἰσιοδοξίαν. Ἐν τῷ μεταξὺ νέα μονομαχία πυροβολικοῦ ἐσημειώθη κατὰ μῆκος τοῦ Ἰορδάνου μετὰ ἐπίθεσιν ἰσραηλινῶν ἀεροσκαφῶν.
ΜΕΛΕΤΑΤΑΙ Η ΔΗΜΙΟΥΡΓΙΑ ΒΙΟΜΗΧΑΝΙΑΣ ΔΙΑ ΤΟΝ ΕΜΠΛΟΥΤΙΣΜΟΝ ΒΩΞΙΤΟΥ ΕΓΚΑΤΑΛΕΙΠΟΜΕΝΟΥ ΚΑΤΑ ΤΗΝ ΕΞΟΡΥΞΙΝ
ΑΘΗΝΑΙ, 9.— Ὑπὸ τῶν ἁρμοδίων ὑπηρεσιῶν μελετᾶται ἡ δημιουργία βιομηχανίας διὰ τὸν ἐμπλουτισμὸν τοῦ βωξίτου, ὁ ὁποῖος ἐγκαταλείπεται κατὰ τὴν ἐξόρυξιν ὡς χαμηλῆς περιεκτικότητος. Κατὰ τὰς ὑπολογισμοὺς τῶν εἰδικῶν, αἱ ποσότητες αὗται εἶναι σημαντικαὶ καὶ ἡ ἀξιοποίησίς των θὰ συμβάλῃ εἰς τὴν αὔξησιν τῶν ἐξαγωγῶν. ΑΘΗΝΑΙ, 9.— Ὑπὸ τῶν ἁρμοδίων ὑπηρεσιῶν μελετᾶται ἡ δημιουργία βιομηχανίας διὰ τὸν ἐμπλουτισμὸν τοῦ βωξίτου, ὁ ὁποῖος ἐγκαταλείπεται κατὰ τὴν ἐξόρυξιν ὡς χαμηλῆς περιεκτικότητος. Κατὰ τὰς ὑπολογισμοὺς τῶν εἰδικῶν, αἱ ποσότητες αὗται εἶναι σημαντικαὶ καὶ ἡ ἀξιοποίησίς των θὰ συμβάλῃ εἰς τὴν αὔξησιν τῶν ἐξαγωγῶν. ΑΘΗΝΑΙ, 9.— Ὑπὸ τῶν ἁρμοδίων ὑπηρεσιῶν μελετᾶται ἡ δημιουργία βιομηχανίας διὰ τὸν ἐμπλουτισμὸν τοῦ βωξίτου, ὁ ὁποῖος ἐγκαταλείπεται κατὰ τὴν ἐξόρυξιν ὡς χαμηλῆς περιεκτικότητος. Κατὰ τὰς ὑπολογισμοὺς τῶν εἰδικῶν, αἱ ποσότητες αὗται εἶναι σημαντικαὶ καὶ ἡ ἀξιοποίησίς των θὰ συμβάλῃ εἰς τὴν αὔξησιν τῶν ἐξαγωγῶν. ΑΘΗΝΑΙ, 9.— Ὑπὸ τῶν ἁρμοδίων ὑπηρεσιῶν μελετᾶται ἡ δημιουργία βιομηχανίας διὰ τὸν ἐμπλουτισμὸν τοῦ βωξίτου, ὁ ὁποῖος ἐγκαταλείπεται κατὰ τὴν ἐξόρυξιν ὡς χαμηλῆς περιεκτικότητος. Κατὰ τὰς ὑπολογισμοὺς τῶν εἰδικῶν, αἱ ποσότητες αὗται εἶναι σημαντικαὶ καὶ ἡ ἀξιοποίησίς των θὰ συμβάλῃ εἰς τὴν αὔξησιν τῶν ἐξαγωγῶν. ΑΘΗΝΑΙ, 9.— Ὑπὸ τῶν ἁρμοδίων ὑπηρεσιῶν μελετᾶται ἡ δημιουργία βιομηχανίας διὰ τὸν ἐμπλουτισμὸν τοῦ βωξίτου, ὁ ὁποῖος ἐγκαταλείπεται κατὰ τὴν ἐξόρυξιν ὡς χαμηλῆς περιεκτικότητος. Κατὰ τὰς ὑπολογισμοὺς τῶν εἰδικῶν, αἱ ποσότητες αὗται εἶναι σημαντικαὶ καὶ ἡ ἀξιοποίησίς των θὰ συμβάλῃ εἰς τὴν αὔξησιν τῶν ἐξαγωγῶν. ΑΘΗΝΑΙ, 9.— Ὑπὸ τῶν ἁρμοδίων ὑπηρεσιῶν μελετᾶται ἡ δημιουργία βιομηχανίας διὰ τὸν ἐμπλουτισμὸν τοῦ βωξίτου, ὁ ὁποῖος ἐγκαταλείπεται κατὰ τὴν ἐξόρυξιν ὡς χαμηλῆς περιεκτικότητος. Κατὰ τὰς ὑπολογισμοὺς τῶν εἰδικῶν, αἱ ποσότητες αὗται εἶναι σημαντικαὶ καὶ ἡ ἀξιοποίησίς των θὰ συμβάλῃ εἰς τὴν αὔξησιν τῶν ἐξαγωγῶν. ΑΘΗΝΑΙ, 9.— Ὑπὸ τῶν ἁρμοδίων ὑπηρεσιῶν μελετᾶται ἡ δημιουργία βιομηχανίας διὰ τὸν ἐμπλουτισμὸν τοῦ βωξίτου, ὁ ὁποῖος ἐγκαταλείπεται κατὰ τὴν ἐξόρυξιν ὡς χαμηλῆς περιεκτικότητος. Κατὰ τὰς ὑπολογισμοὺς τῶν εἰδικῶν, αἱ ποσότητες αὗται εἶναι σημαντικαὶ καὶ ἡ ἀξιοποίησίς των θὰ συμβάλῃ εἰς τὴν αὔξησιν τῶν ἐξαγωγῶν.
ΣΚΑΦΗ ΤΗΣ ΑΡΜΑΔΑΣ ΕΙΣΕΠΛΕΥΣΑΝ ΕΙΣ ΤΗΝ ΜΕΣΟΓΕΙΟΝ
Διὰ τῶν νέων ἑπτὰ μονάδων ἡ δύναμις τοῦ ρωσσικοῦ στόλου ἀνῆλθεν εἰς 37 πλοῖα
ΝΕΑΠΟΛΙΣ, 9. (Ἀσοσ. Πρές).— Ἑπτὰ σοβιετικὰ πολεμικὰ σκάφη διῆλθον τὰ στενὰ τῶν Δαρδανελλίων καὶ εἰσέπλευσαν εἰς τὴν Μεσόγειον. Ἡ δύναμις τοῦ σοβιετικοῦ στόλου εἰς τὴν Μεσόγειον ἀνέρχεται οὕτω εἰς 37 πλοῖα, μεταξὺ τῶν ὁποίων καὶ ἑλικοπτεροφόρον. ΝΕΑΠΟΛΙΣ, 9. (Ἀσοσ. Πρές).— Ἑπτὰ σοβιετικὰ πολεμικὰ σκάφη διῆλθον τὰ στενὰ τῶν Δαρδανελλίων καὶ εἰσέπλευσαν εἰς τὴν Μεσόγειον. Ἡ δύναμις τοῦ σοβιετικοῦ στόλου εἰς τὴν Μεσόγειον ἀνέρχεται οὕτω εἰς 37 πλοῖα, μεταξὺ τῶν ὁποίων καὶ ἑλικοπτεροφόρον. ΝΕΑΠΟΛΙΣ, 9. (Ἀσοσ. Πρές).— Ἑπτὰ σοβιετικὰ πολεμικὰ σκάφη διῆλθον τὰ στενὰ τῶν Δαρδανελλίων καὶ εἰσέπλευσαν εἰς τὴν Μεσόγειον. Ἡ δύναμις τοῦ σοβιετικοῦ στόλου εἰς τὴν Μεσόγειον ἀνέρχεται οὕτω εἰς 37 πλοῖα, μεταξὺ τῶν ὁποίων καὶ ἑλικοπτεροφόρον.
ΣΦΟΔΡΑΙ ΣΥΓΚΡΟΥΣΕΙΣ ΕΙΣ ΤΗΝ ΑΓΚΥΡΑΝ ΜΕΤΑΞΥ ΤΩΝ ΦΟΙΤΗΤΩΝ ΚΑΙ ΑΣΤΥΝΟΜΙΚΩΝ
ΖΗΤΟΥΝ ΕΚΠΑΙΔΕΥΤΙΚΑΣ ΜΕΤΑΡΡΥΘΜΙΣΕΙΣ
ΑΓΚΥΡΑ, 9. (Ρώυτερ).— Σφοδραὶ συγκρούσεις ἐσημειώθησαν μεταξὺ φοιτητῶν καὶ ἀστυνομικῶν. Οἱ φοιτηταὶ ζητοῦν ἐκπαιδευτικὰς μεταρρυθμίσεις. ΑΓΚΥΡΑ, 9. (Ρώυτερ).— Σφοδραὶ συγκρούσεις ἐσημειώθησαν μεταξὺ φοιτητῶν καὶ ἀστυνομικῶν. Οἱ φοιτηταὶ ζητοῦν ἐκπαιδευτικὰς μεταρρυθμίσεις.
Ο ΓΚΡΕΤΣΚΟ ΣΥΝΩΜΙΛΗΣΕ ΜΕ ΤΟΝ ΟΥΛΜΠΡΙΧΤ ΠΑΡΟΥΣΙΑ ΠΟΛΛΩΝ ΣΤΡΑΤΙΩΤΙΚΩΝ ΗΓΕΤΩΝ
ΘΑ ΕΠΙΣΚΕΦΘΗ ΤΑΣ ΣΟΒΙΕΤΙΚΑΣ ΜΟΝΑΔΑΣ
ΑΝΑΤΟΛΙΚΟΝ ΒΕΡΟΛΙΝΟΝ, 9.— Ὁ σοβιετικὸς ὑπουργὸς Ἀμύνης στρατάρχης Γκρέτσκο συνωμίλησε μὲ τὸν Οὔλμπριχτ. ΑΝΑΤΟΛΙΚΟΝ ΒΕΡΟΛΙΝΟΝ, 9.— Ὁ σοβιετικὸς ὑπουργὸς Ἀμύνης στρατάρχης Γκρέτσκο συνωμίλησε μὲ τὸν Οὔλμπριχτ.
Η ΒΟΥΛΓΑΡΙΑ ΘΕΩΡΕΙ, ΕΤΟΝΙΣΕΝ Ο ΜΠΑΣΕΦ ΤΗΝ ΜΕΤΑΠΟΛΙΤΕΥΣΙΝ ΕΙΣ ΤΗΝ ΕΛΛΑΔΑ ΩΣ ΜΙΑΝ ΚΑΘΑΡΩΣ ΕΣΩΤΕΡΙΚΗΝ ΥΠΟΘΕΣΙΝ
ΒΙΕΝΝΗ, 9. (Ἀσσ. Πρές).— Ὁ Βούλγαρος ὑπουργὸς τῶν Ἐξωτερικῶν Ἰβὰν Μπάσεφ ἐτόνισεν ὅτι ἡ χώρα του θεωρεῖ τὴν μεταπολίτευσιν εἰς τὴν Ἑλλάδα καθαρῶς ἐσωτερικὴν ὑπόθεσιν. ΒΙΕΝΝΗ, 9. (Ἀσσ. Πρές).— Ὁ Βούλγαρος ὑπουργὸς τῶν Ἐξωτερικῶν Ἰβὰν Μπάσεφ ἐτόνισεν ὅτι ἡ χώρα του θεωρεῖ τὴν μεταπολίτευσιν εἰς τὴν Ἑλλάδα καθαρῶς ἐσωτερικὴν ὑπόθεσιν. ΒΙΕΝΝΗ, 9. (Ἀσσ. Πρές).— Ὁ Βούλγαρος ὑπουργὸς τῶν Ἐξωτερικῶν Ἰβὰν Μπάσεφ ἐτόνισεν ὅτι ἡ χώρα του θεωρεῖ τὴν μεταπολίτευσιν εἰς τὴν Ἑλλάδα καθαρῶς ἐσωτερικὴν ὑπόθεσιν. ΒΙΕΝΝΗ, 9. (Ἀσσ. Πρές).— Ὁ Βούλγαρος ὑπουργὸς τῶν Ἐξωτερικῶν Ἰβὰν Μπάσεφ ἐτόνισεν ὅτι ἡ χώρα του θεωρεῖ τὴν μεταπολίτευσιν εἰς τὴν Ἑλλάδα καθαρῶς ἐσωτερικὴν ὑπόθεσιν.
Ο Κ. ΜΠΡΟΖΙΟ ΑΠΗΥΘΥΝΕΝ ΕΚΚΛΗΣΙΝ ΠΡΟΣ ΤΗΝ ΡΩΣΣΙΑΝ ΝΑ ΤΕΡΜΑΤΙΣΗ ΤΗΝ ΚΑΤΟΧΗΝ ΤΗΣ ΤΣΕΧΟΣΛΟΒΑΚΙΑΣ
ΟΥΑΣΙΓΚΤΩΝ, 9.— Ὁ Ἰταλὸς πρέσβυς ἀπηύθυνεν ἔκκλησιν πρὸς τὴν Σοβιετικὴν Ἕνωσιν νὰ τερματίσῃ τὴν κατοχήν. ΟΥΑΣΙΓΚΤΩΝ, 9.— Ὁ Ἰταλὸς πρέσβυς ἀπηύθυνεν ἔκκλησιν πρὸς τὴν Σοβιετικὴν Ἕνωσιν νὰ τερματίσῃ τὴν κατοχήν. ΟΥΑΣΙΓΚΤΩΝ, 9.— Ὁ Ἰταλὸς πρέσβυς ἀπηύθυνεν ἔκκλησιν πρὸς τὴν Σοβιετικὴν Ἕνωσιν νὰ τερματίσῃ τὴν κατοχήν. ΟΥΑΣΙΓΚΤΩΝ, 9.— Ὁ Ἰταλὸς πρέσβυς ἀπηύθυνεν ἔκκλησιν πρὸς τὴν Σοβιετικὴν Ἕνωσιν νὰ τερματίσῃ τὴν κατοχήν.
ΣΥΝΕΚΛΗΘΗ ΣΥΣΚΕΨΙΣ ΕΙΣ ΤΟ ΥΠΟΥΡΓΕΙΟΝ ΕΡΓΑΣΙΑΣ ΔΙΑ ΘΕΜΑΤΑ ΕΠΑΓΓΕΛΜΑΤΙΚΟΥ ΠΡΟΣΑΝΑΤΟΛΙΣΜΟΥ
ΑΘΗΝΑΙ, 9.— Ὑπὸ τὴν προεδρίαν τοῦ ὑπουργοῦ Ἐργασίας συνῆλθε σύσκεψις διὰ θέματα ἐπαγγελματικοῦ προσανατολισμοῦ. ΑΘΗΝΑΙ, 9.— Ὑπὸ τὴν προεδρίαν τοῦ ὑπουργοῦ Ἐργασίας συνῆλθε σύσκεψις διὰ θέματα ἐπαγγελματικοῦ προσανατολισμοῦ. ΑΘΗΝΑΙ, 9.— Ὑπὸ τὴν προεδρίαν τοῦ ὑπουργοῦ Ἐργασίας συνῆλθε σύσκεψις διὰ θέματα ἐπαγγελματικοῦ προσανατολισμοῦ.
ΕΥΝΟΪΚΑ ΣΧΟΛΙΑ ΤΩΝ ΞΕΝΩΝ ΕΦΗΜΕΡΙΔΩΝ ΔΙΑ ΤΑΣ ΕΞΕΛΙΞΕΙΣ ΤΗΣ ΟΙΚΟΝΟΜΙΑΣ ΜΑΣ
ΑΘΗΝΑΙ, 9.— Ὁ ξένος τύπος σχολιάζει εὐνοϊκῶς τὰς ἐξελίξεις τῆς ἑλληνικῆς οἰκονομίας καὶ τὴν αὔξησιν τῶν ἐπενδύσεων. ΑΘΗΝΑΙ, 9.— Ὁ ξένος τύπος σχολιάζει εὐνοϊκῶς τὰς ἐξελίξεις τῆς ἑλληνικῆς οἰκονομίας καὶ τὴν αὔξησιν τῶν ἐπενδύσεων. ΑΘΗΝΑΙ, 9.— Ὁ ξένος τύπος σχολιάζει εὐνοϊκῶς τὰς ἐξελίξεις τῆς ἑλληνικῆς οἰκονομίας καὶ τὴν αὔξησιν τῶν ἐπενδύσεων. ΑΘΗΝΑΙ, 9.— Ὁ ξένος τύπος σχολιάζει εὐνοϊκῶς τὰς ἐξελίξεις τῆς ἑλληνικῆς οἰκονομίας καὶ τὴν αὔξησιν τῶν ἐπενδύσεων. ΑΘΗΝΑΙ, 9.— Ὁ ξένος τύπος σχολιάζει εὐνοϊκῶς τὰς ἐξελίξεις τῆς ἑλληνικῆς οἰκονομίας καὶ τὴν αὔξησιν τῶν ἐπενδύσεων. ΑΘΗΝΑΙ, 9.— Ὁ ξένος τύπος σχολιάζει εὐνοϊκῶς τὰς ἐξελίξεις τῆς ἑλληνικῆς οἰκονομίας καὶ τὴν αὔξησιν τῶν ἐπενδύσεων.
ΟΙ ΝΙΓΗΡΙΝΟΙ ΠΕΡΙΣΦΙΓΓΟΥΝ ΤΟΝ ΚΛΟΙΟΝ ΠΕΡΙΞ ΤΗΣ ΠΡΩΤΕΥΟΥΣΗΣ ΤΗΣ ΜΠΙΑΦΡΑΣ
ΟΥΖΟΝΚΑΚΑ, Νιγηρία, 9. (Ρώυτερ).— Αἱ ὁμοσπονδιακαὶ δυνάμεις περισφίγγουν τὸν κλοιὸν περὶ τὴν πρωτεύουσαν τῆς Μπιάφρας.
ΙΣΧΥΡΑΙ ΑΝΤΙΣΤΑΣΕΙΣ
ΟΥΖΟΝΚΑΚΑ, Νιγηρία, 9. (Ρώυτερ).— Αἱ ὁμοσπονδιακαὶ δυνάμεις περισφίγγουν τὸν κλοιὸν περὶ τὴν πρωτεύουσαν τῆς Μπιάφρας. ΟΥΖΟΝΚΑΚΑ, Νιγηρία, 9. (Ρώυτερ).— Αἱ ὁμοσπονδιακαὶ δυνάμεις περισφίγγουν τὸν κλοιὸν περὶ τὴν πρωτεύουσαν τῆς Μπιάφρας.
Ο ΝΙΞΟΝ ΕΞΗΤΑΣΕ ΜΕΤΑ ΤΩΝ ΣΥΜΒΟΥΛΩΝ ΤΟΥ ΔΙΑΦΟΡΑ ΔΙΕΘΝΗ ΟΙΚΟΝΟΜΙΚΑ ΖΗΤΗΜΑΤΑ
ΟΥΑΣΙΓΚΤΩΝ, 9. (Ἀσσ. Πρές).— Ὁ πρόεδρος Νίξον ἐξήτασε μετὰ τῶν συμβούλων του διάφορα διεθνῆ οἰκονομικὰ ζητήματα καὶ τὴν κατάστασιν τοῦ δολλαρίου. ΟΥΑΣΙΓΚΤΩΝ, 9. (Ἀσσ. Πρές).— Ὁ πρόεδρος Νίξον ἐξήτασε μετὰ τῶν συμβούλων του διάφορα διεθνῆ οἰκονομικὰ ζητήματα καὶ τὴν κατάστασιν τοῦ δολλαρίου. ΟΥΑΣΙΓΚΤΩΝ, 9. (Ἀσσ. Πρές).— Ὁ πρόεδρος Νίξον ἐξήτασε μετὰ τῶν συμβούλων του διάφορα διεθνῆ οἰκονομικὰ ζητήματα καὶ τὴν κατάστασιν τοῦ δολλαρίου. ΟΥΑΣΙΓΚΤΩΝ, 9. (Ἀσσ. Πρές).— Ὁ πρόεδρος Νίξον ἐξήτασε μετὰ τῶν συμβούλων του διάφορα διεθνῆ οἰκονομικὰ ζητήματα καὶ τὴν κατάστασιν τοῦ δολλαρίου.
